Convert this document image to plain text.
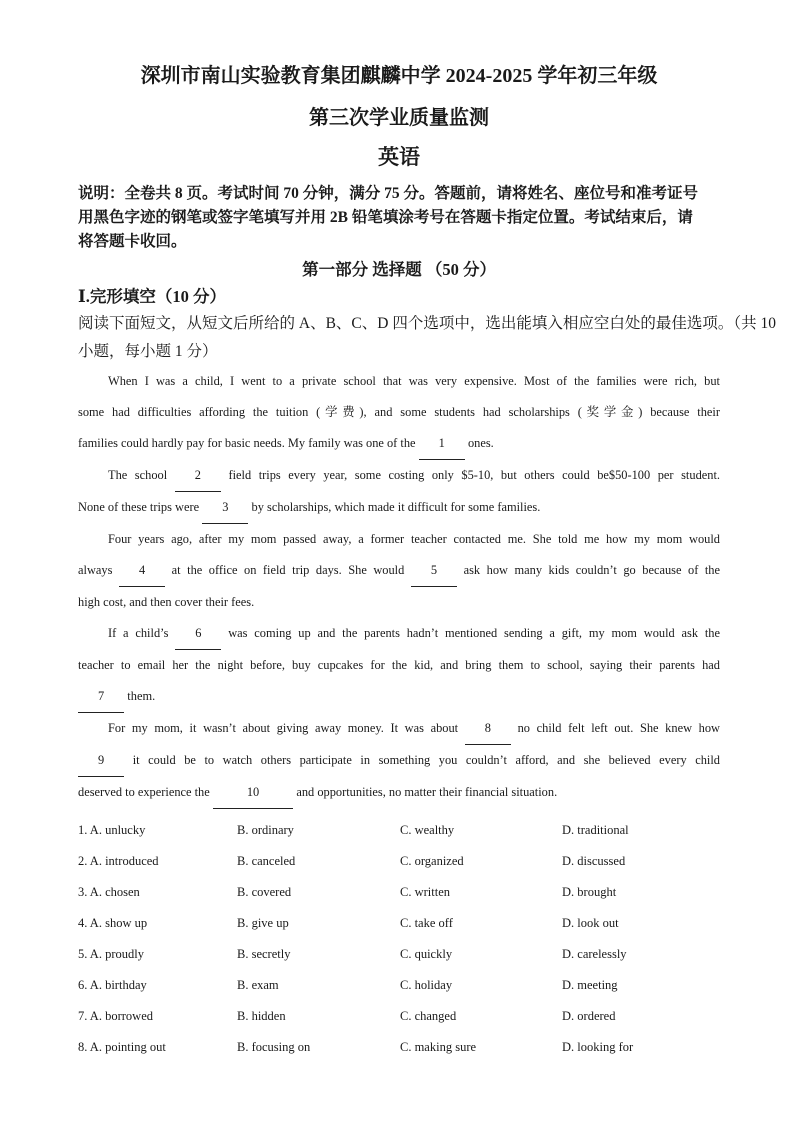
深圳市南山实验教育集团麒麟中学 2024-2025 学年初三年级
第三次学业质量监测
英语
说明：全卷共 8 页。考试时间 70 分钟，满分 75 分。答题前，请将姓名、座位号和准考证号
用黑色字迹的钢笔或签字笔填写并用 2B 铅笔填涂考号在答题卡指定位置。考试结束后，请
将答题卡收回。
第一部分 选择题 （50 分）
Ⅰ.完形填空（10 分）
阅读下面短文，从短文后所给的 A、B、C、D 四个选项中，选出能填入相应空白处的最佳选项。（共 10
小题，每小题 1 分）
When I was a child, I went to a private school that was very expensive. Most of the families were rich, but
some had difficulties affording the tuition (学费), and some students had scholarships (奖学金) because their
families could hardly pay for basic needs. My family was one of the 1 ones.
The school 2 field trips every year, some costing only $5-10, but others could be$50-100 per student.
None of these trips were 3 by scholarships, which made it difficult for some families.
Four years ago, after my mom passed away, a former teacher contacted me. She told me how my mom would
always 4 at the office on field trip days. She would 5 ask how many kids couldn’t go because of the
high cost, and then cover their fees.
If a child’s 6 was coming up and the parents hadn’t mentioned sending a gift, my mom would ask the
teacher to email her the night before, buy cupcakes for the kid, and bring them to school, saying their parents had
7 them.
For my mom, it wasn’t about giving away money. It was about 8 no child felt left out. She knew how
9 it could be to watch others participate in something you couldn’t afford, and she believed every child
deserved to experience the	10	and opportunities, no matter their financial situation.
1. A. unlucky	B. ordinary	C. wealthy	D. traditional
2. A. introduced	B. canceled	C. organized	D. discussed
3. A. chosen	B. covered	C. written	D. brought
4. A. show up	B. give up	C. take off	D. look out
5. A. proudly	B. secretly	C. quickly	D. carelessly
6. A. birthday	B. exam	C. holiday	D. meeting
7. A. borrowed	B. hidden	C. changed	D. ordered
8. A. pointing out	B. focusing on	C. making sure	D. looking for
